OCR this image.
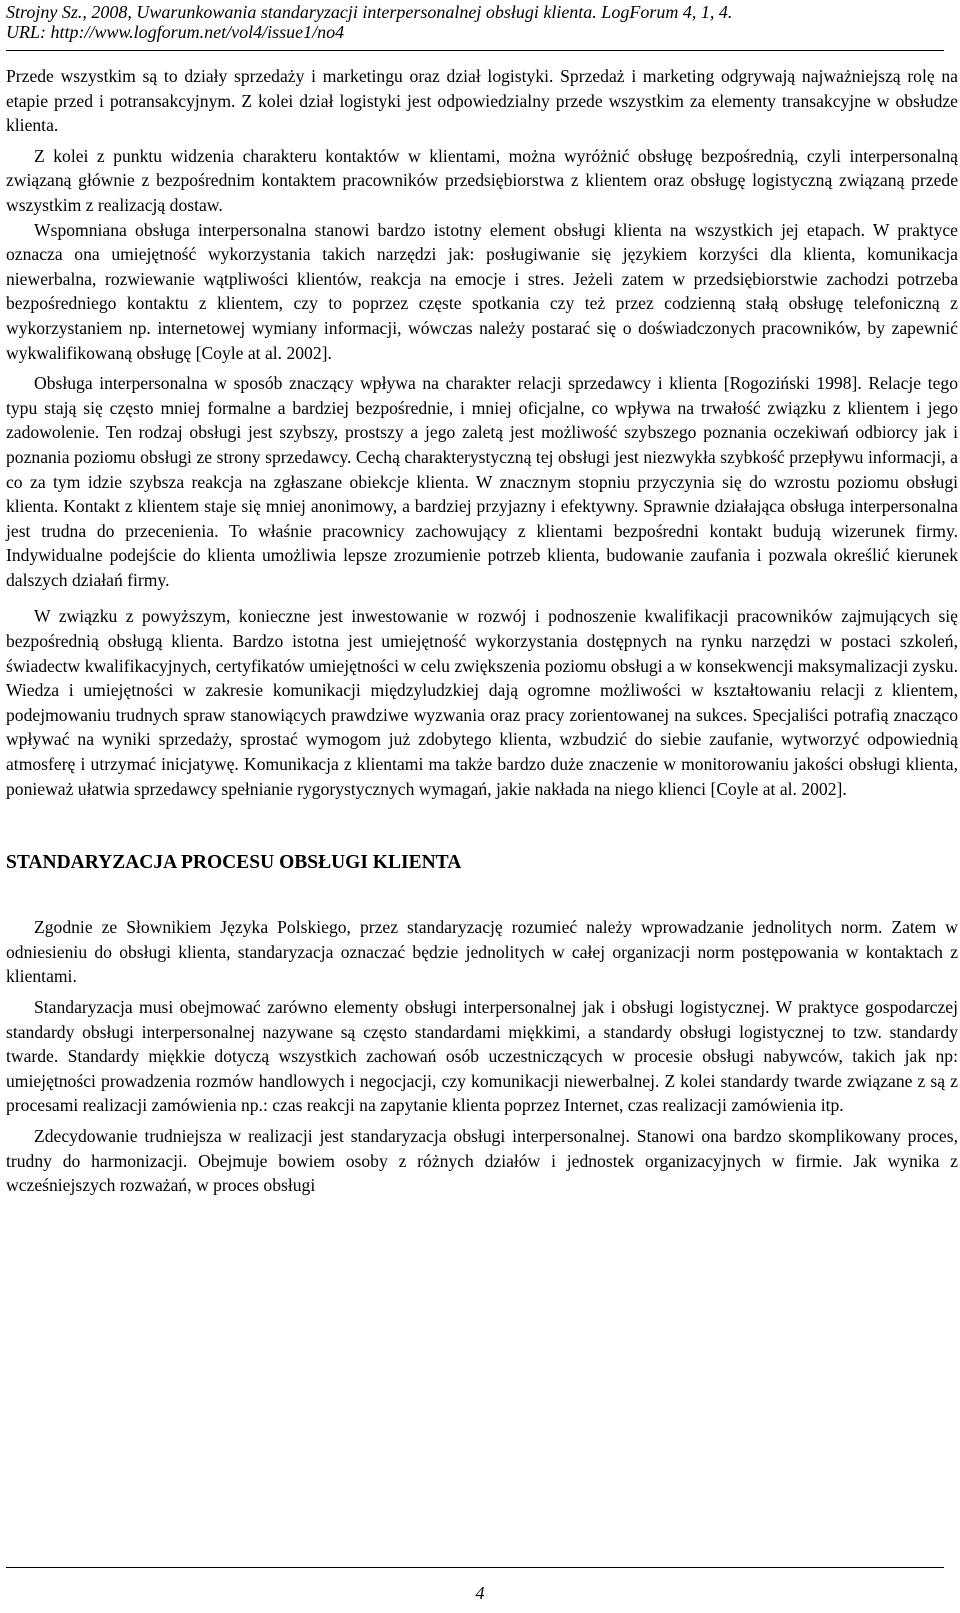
Strojny Sz., 2008, Uwarunkowania standaryzacji interpersonalnej obsługi klienta. LogForum 4, 1, 4.
URL: http://www.logforum.net/vol4/issue1/no4

Przede wszystkim są to działy sprzedaży i marketingu oraz dział logistyki. Sprzedaż i marketing odgrywają najważniejszą rolę na etapie przed i potransakcyjnym. Z kolei dział logistyki jest odpowiedzialny przede wszystkim za elementy transakcyjne w obsłudze klienta.

Z kolei z punktu widzenia charakteru kontaktów w klientami, można wyróżnić obsługę bezpośrednią, czyli interpersonalną związaną głównie z bezpośrednim kontaktem pracowników przedsiębiorstwa z klientem oraz obsługę logistyczną związaną przede wszystkim z realizacją dostaw.

Wspomniana obsługa interpersonalna stanowi bardzo istotny element obsługi klienta na wszystkich jej etapach. W praktyce oznacza ona umiejętność wykorzystania takich narzędzi jak: posługiwanie się językiem korzyści dla klienta, komunikacja niewerbalna, rozwiewanie wątpliwości klientów, reakcja na emocje i stres. Jeżeli zatem w przedsiębiorstwie zachodzi potrzeba bezpośredniego kontaktu z klientem, czy to poprzez częste spotkania czy też przez codzienną stałą obsługę telefoniczną z wykorzystaniem np. internetowej wymiany informacji, wówczas należy postarać się o doświadczonych pracowników, by zapewnić wykwalifikowaną obsługę [Coyle at al. 2002].

Obsługa interpersonalna w sposób znaczący wpływa na charakter relacji sprzedawcy i klienta [Rogoziński 1998]. Relacje tego typu stają się często mniej formalne a bardziej bezpośrednie, i mniej oficjalne, co wpływa na trwałość związku z klientem i jego zadowolenie. Ten rodzaj obsługi jest szybszy, prostszy a jego zaletą jest możliwość szybszego poznania oczekiwań odbiorcy jak i poznania poziomu obsługi ze strony sprzedawcy. Cechą charakterystyczną tej obsługi jest niezwykła szybkość przepływu informacji, a co za tym idzie szybsza reakcja na zgłaszane obiekcje klienta. W znacznym stopniu przyczynia się do wzrostu poziomu obsługi klienta. Kontakt z klientem staje się mniej anonimowy, a bardziej przyjazny i efektywny. Sprawnie działająca obsługa interpersonalna jest trudna do przecenienia. To właśnie pracownicy zachowujący z klientami bezpośredni kontakt budują wizerunek firmy. Indywidualne podejście do klienta umożliwia lepsze zrozumienie potrzeb klienta, budowanie zaufania i pozwala określić kierunek dalszych działań firmy.

W związku z powyższym, konieczne jest inwestowanie w rozwój i podnoszenie kwalifikacji pracowników zajmujących się bezpośrednią obsługą klienta. Bardzo istotna jest umiejętność wykorzystania dostępnych na rynku narzędzi w postaci szkoleń, świadectw kwalifikacyjnych, certyfikatów umiejętności w celu zwiększenia poziomu obsługi a w konsekwencji maksymalizacji zysku. Wiedza i umiejętności w zakresie komunikacji międzyludzkiej dają ogromne możliwości w kształtowaniu relacji z klientem, podejmowaniu trudnych spraw stanowiących prawdziwe wyzwania oraz pracy zorientowanej na sukces. Specjaliści potrafią znacząco wpływać na wyniki sprzedaży, sprostać wymogom już zdobytego klienta, wzbudzić do siebie zaufanie, wytworzyć odpowiednią atmosferę i utrzymać inicjatywę. Komunikacja z klientami ma także bardzo duże znaczenie w monitorowaniu jakości obsługi klienta, ponieważ ułatwia sprzedawcy spełnianie rygorystycznych wymagań, jakie nakłada na niego klienci [Coyle at al. 2002].

STANDARYZACJA PROCESU OBSŁUGI KLIENTA

Zgodnie ze Słownikiem Języka Polskiego, przez standaryzację rozumieć należy wprowadzanie jednolitych norm. Zatem w odniesieniu do obsługi klienta, standaryzacja oznaczać będzie jednolitych w całej organizacji norm postępowania w kontaktach z klientami.

Standaryzacja musi obejmować zarówno elementy obsługi interpersonalnej jak i obsługi logistycznej. W praktyce gospodarczej standardy obsługi interpersonalnej nazywane są często standardami miękkimi, a standardy obsługi logistycznej to tzw. standardy twarde. Standardy miękkie dotyczą wszystkich zachowań osób uczestniczących w procesie obsługi nabywców, takich jak np: umiejętności prowadzenia rozmów handlowych i negocjacji, czy komunikacji niewerbalnej. Z kolei standardy twarde związane z są z procesami realizacji zamówienia np.: czas reakcji na zapytanie klienta poprzez Internet, czas realizacji zamówienia itp.

Zdecydowanie trudniejsza w realizacji jest standaryzacja obsługi interpersonalnej. Stanowi ona bardzo skomplikowany proces, trudny do harmonizacji. Obejmuje bowiem osoby z różnych działów i jednostek organizacyjnych w firmie. Jak wynika z wcześniejszych rozważań, w proces obsługi

4
